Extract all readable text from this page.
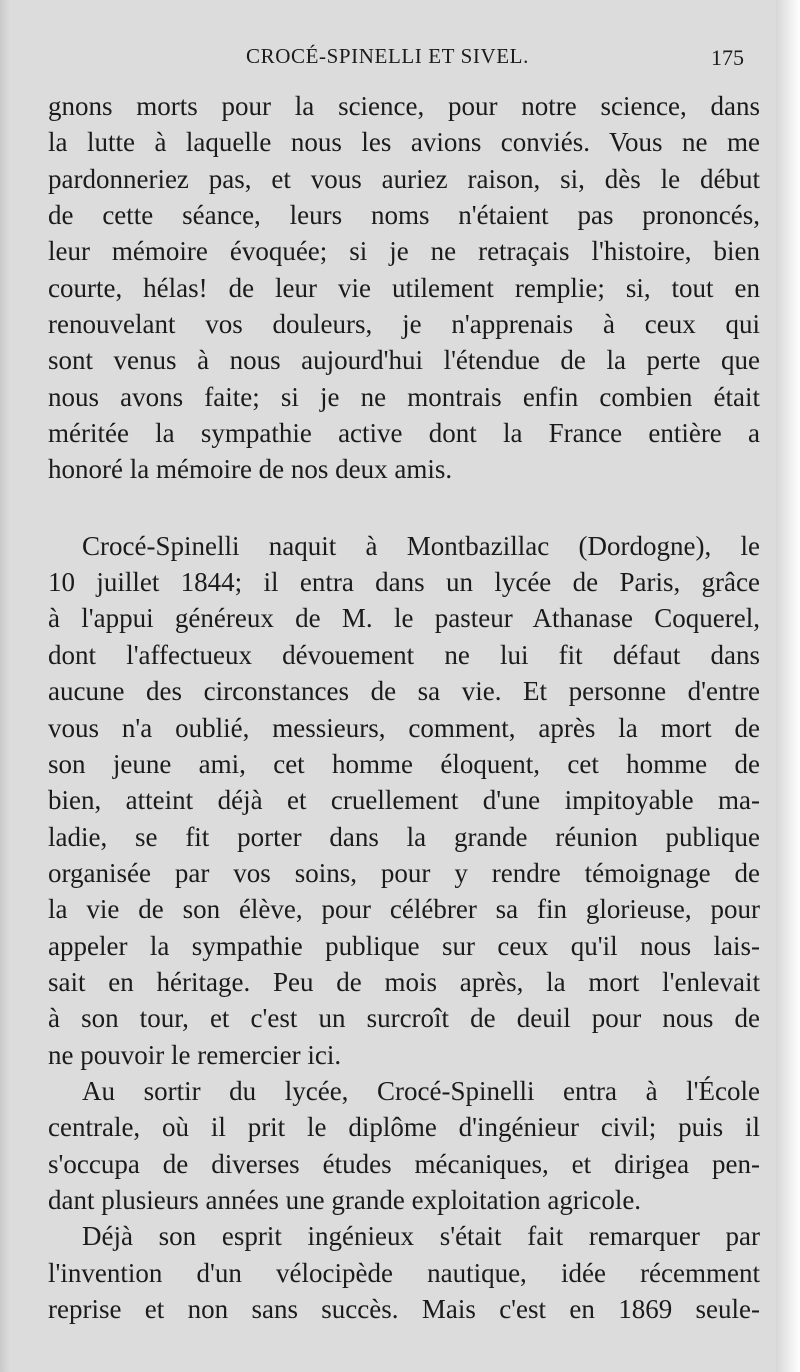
CROCÉ-SPINELLI ET SIVEL.	175
gnons morts pour la science, pour notre science, dans
la lutte à laquelle nous les avions conviés. Vous ne me
pardonneriez pas, et vous auriez raison, si, dès le début
de cette séance, leurs noms n'étaient pas prononcés,
leur mémoire évoquée; si je ne retraçais l'histoire, bien
courte, hélas! de leur vie utilement remplie; si, tout en
renouvelant vos douleurs, je n'apprenais à ceux qui
sont venus à nous aujourd'hui l'étendue de la perte que
nous avons faite; si je ne montrais enfin combien était
méritée la sympathie active dont la France entière a
honoré la mémoire de nos deux amis.
Crocé-Spinelli naquit à Montbazillac (Dordogne), le
10 juillet 1844; il entra dans un lycée de Paris, grâce
à l'appui généreux de M. le pasteur Athanase Coquerel,
dont l'affectueux dévouement ne lui fit défaut dans
aucune des circonstances de sa vie. Et personne d'entre
vous n'a oublié, messieurs, comment, après la mort de
son jeune ami, cet homme éloquent, cet homme de
bien, atteint déjà et cruellement d'une impitoyable ma-
ladie, se fit porter dans la grande réunion publique
organisée par vos soins, pour y rendre témoignage de
la vie de son élève, pour célébrer sa fin glorieuse, pour
appeler la sympathie publique sur ceux qu'il nous lais-
sait en héritage. Peu de mois après, la mort l'enlevait
à son tour, et c'est un surcroît de deuil pour nous de
ne pouvoir le remercier ici.
Au sortir du lycée, Crocé-Spinelli entra à l'École
centrale, où il prit le diplôme d'ingénieur civil; puis il
s'occupa de diverses études mécaniques, et dirigea pen-
dant plusieurs années une grande exploitation agricole.
Déjà son esprit ingénieux s'était fait remarquer par
l'invention d'un vélocipède nautique, idée récemment
reprise et non sans succès. Mais c'est en 1869 seule-
